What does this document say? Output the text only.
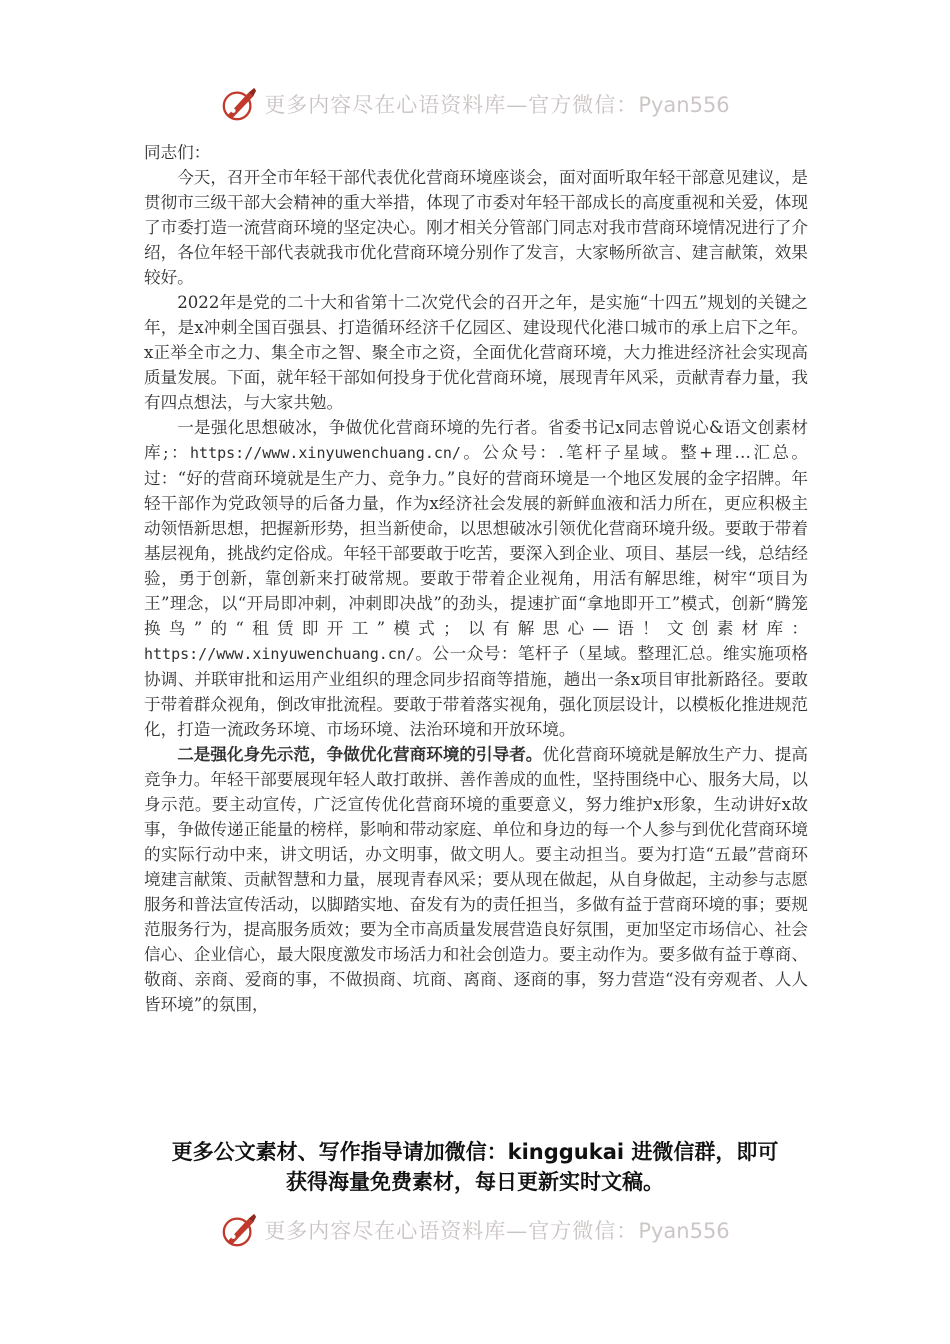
更多内容尽在心语资料库—官方微信：Pyan556

同志们：

今天，召开全市年轻干部代表优化营商环境座谈会，面对面听取年轻干部意见建议，是贯彻市三级干部大会精神的重大举措，体现了市委对年轻干部成长的高度重视和关爱，体现了市委打造一流营商环境的坚定决心。刚才相关分管部门同志对我市营商环境情况进行了介绍，各位年轻干部代表就我市优化营商环境分别作了发言，大家畅所欲言、建言献策，效果较好。

2022年是党的二十大和省第十二次党代会的召开之年，是实施“十四五”规划的关键之年，是x冲刺全国百强县、打造循环经济千亿园区、建设现代化港口城市的承上启下之年。x正举全市之力、集全市之智、聚全市之资，全面优化营商环境，大力推进经济社会实现高质量发展。下面，就年轻干部如何投身于优化营商环境，展现青年风采，贡献青春力量，我有四点想法，与大家共勉。

一是强化思想破冰，争做优化营商环境的先行者。省委书记x同志曾说心&语文创素材库;：https://www.xinyuwenchuang.cn/。公众号：.笔杆子星域。整+理…汇总。过：“好的营商环境就是生产力、竞争力。”良好的营商环境是一个地区发展的金字招牌。年轻干部作为党政领导的后备力量，作为x经济社会发展的新鲜血液和活力所在，更应积极主动领悟新思想，把握新形势，担当新使命，以思想破冰引领优化营商环境升级。要敢于带着基层视角，挑战约定俗成。年轻干部要敢于吃苦，要深入到企业、项目、基层一线，总结经验，勇于创新，靠创新来打破常规。要敢于带着企业视角，用活有解思维，树牢“项目为王”理念，以“开局即冲刺，冲刺即决战”的劲头，提速扩面“拿地即开工”模式，创新“腾笼换鸟”的“租赁即开工”模式；以有解思心—语！文创素材库：https://www.xinyuwenchuang.cn/。公一众号：笔杆子（星域。整理汇总。维实施项格协调、并联审批和运用产业组织的理念同步招商等措施，趟出一条x项目审批新路径。要敢于带着群众视角，倒改审批流程。要敢于带着落实视角，强化顶层设计，以模板化推进规范化，打造一流政务环境、市场环境、法治环境和开放环境。

二是强化身先示范，争做优化营商环境的引导者。优化营商环境就是解放生产力、提高竞争力。年轻干部要展现年轻人敢打敢拼、善作善成的血性，坚持围绕中心、服务大局，以身示范。要主动宣传，广泛宣传优化营商环境的重要意义，努力维护x形象，生动讲好x故事，争做传递正能量的榜样，影响和带动家庭、单位和身边的每一个人参与到优化营商环境的实际行动中来，讲文明话，办文明事，做文明人。要主动担当。要为打造“五最”营商环境建言献策、贡献智慧和力量，展现青春风采；要从现在做起，从自身做起，主动参与志愿服务和普法宣传活动，以脚踏实地、奋发有为的责任担当，多做有益于营商环境的事；要规范服务行为，提高服务质效；要为全市高质量发展营造良好氛围，更加坚定市场信心、社会信心、企业信心，最大限度激发市场活力和社会创造力。要主动作为。要多做有益于尊商、敬商、亲商、爱商的事，不做损商、坑商、离商、逐商的事，努力营造“没有旁观者、人人皆环境”的氛围，

更多公文素材、写作指导请加微信：kinggukai 进微信群，即可
获得海量免费素材，每日更新实时文稿。
更多内容尽在心语资料库—官方微信：Pyan556
